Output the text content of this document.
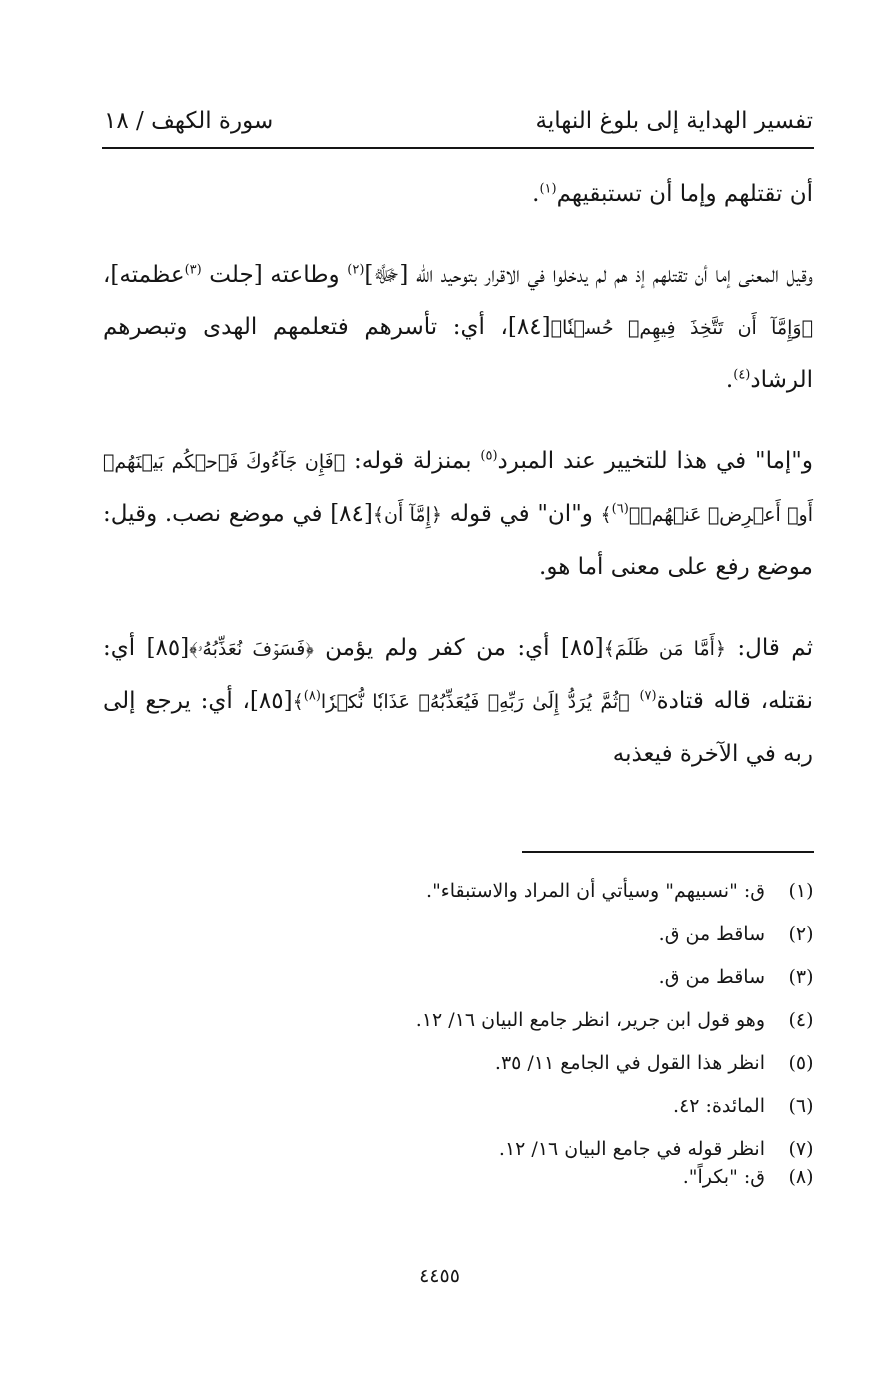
تفسير الهداية إلى بلوغ النهاية
سورة الكهف / ١٨

أن تقتلهم وإما أن تستبقيهم$^{(١)}$.

وقيل المعنى إما أن تقتلهم إذ هم لم يدخلوا في الاقرار بتوحيد الله [ﷻ]$^{(٢)}$ وطاعته [جلت $^{(٣)}$عظمته]، ﴿وَإِمَّآ أَن تَتَّخِذَ فِيهِمۡ حُسۡنٗا﴾[٨٤]، أي: تأسرهم فتعلمهم الهدى وتبصرهم الرشاد$^{(٤)}$.

و"إما" في هذا للتخيير عند المبرد$^{(٥)}$ بمنزلة قوله: ﴿فَإِن جَآءُوكَ فَٱحۡكُم بَيۡنَهُمۡ أَوۡ أَعۡرِضۡ عَنۡهُمۡۖ$^{(٦)}$﴾ و"ان" في قوله ﴿إِمَّآ أَن﴾[٨٤] في موضع نصب. وقيل: موضع رفع على معنى أما هو.

ثم قال: ﴿أَمَّا مَن ظَلَمَ﴾[٨٥] أي: من كفر ولم يؤمن ﴿فَسَوۡفَ نُعَذِّبُهُۥ﴾[٨٥] أي: نقتله، قاله قتادة$^{(٧)}$ ﴿ثُمَّ يُرَدُّ إِلَىٰ رَبِّهِۦ فَيُعَذِّبُهُۥ عَذَابٗا نُّكۡرٗا$^{(٨)}$﴾[٨٥]، أي: يرجع إلى ربه في الآخرة فيعذبه

(١)
ق: "نسبيهم" وسيأتي أن المراد والاستبقاء".
(٢)
ساقط من ق.
(٣)
ساقط من ق.
(٤)
وهو قول ابن جرير، انظر جامع البيان ١٦/ ١٢.
(٥)
انظر هذا القول في الجامع ١١/ ٣٥.
(٦)
المائدة: ٤٢.
(٧)
انظر قوله في جامع البيان ١٦/ ١٢.
(٨)
ق: "بكراً".
٤٤٥٥
